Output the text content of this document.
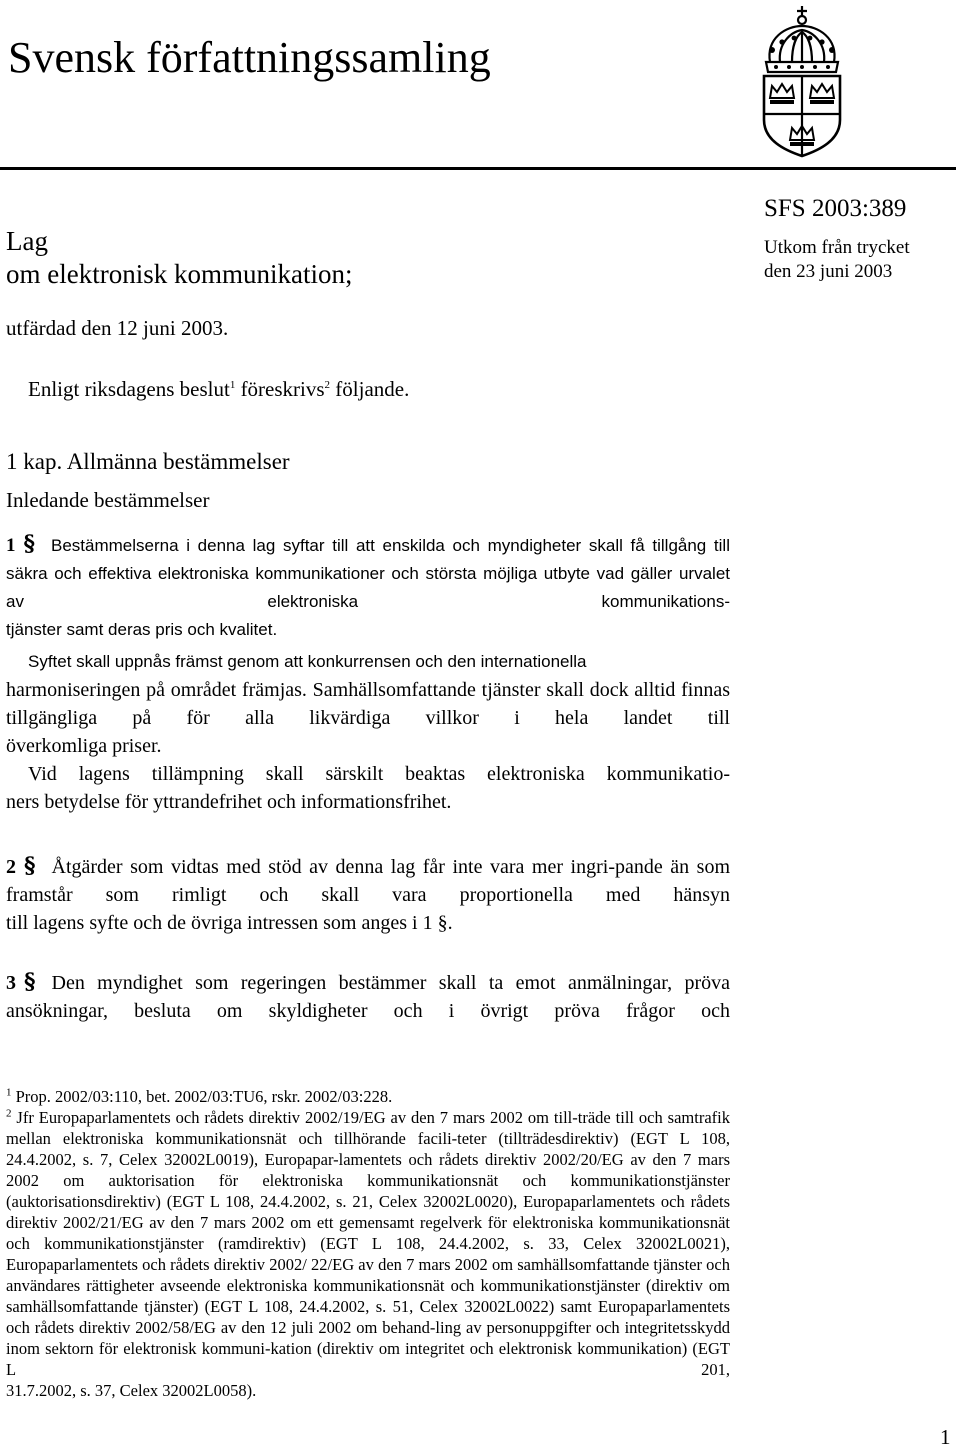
Svensk författningssamling
SFS 2003:389
Utkom från trycket
den 23 juni 2003
Lag
om elektronisk kommunikation;
utfärdad den 12 juni 2003.
Enligt riksdagens beslut$^1$ föreskrivs$^2$ följande.
1 kap. Allmänna bestämmelser
Inledande bestämmelser

1 § Bestämmelserna i denna lag syftar till att enskilda och myndigheter skall få tillgång till säkra och effektiva elektroniska kommunikationer och största möjliga utbyte vad gäller urvalet av elektroniska kommunikations-

tjänster samt deras pris och kvalitet.

Syftet skall uppnås främst genom att konkurrensen och den internationella

harmoniseringen på området främjas. Samhällsomfattande tjänster skall dock alltid finnas tillgängliga på för alla likvärdiga villkor i hela landet till

överkomliga priser.

Vid lagens tillämpning skall särskilt beaktas elektroniska kommunikatio-

ners betydelse för yttrandefrihet och informationsfrihet.

2 § Åtgärder som vidtas med stöd av denna lag får inte vara mer ingri-pande än som framstår som rimligt och skall vara proportionella med hänsyn

till lagens syfte och de övriga intressen som anges i 1 §.

3 § Den myndighet som regeringen bestämmer skall ta emot anmälningar, pröva ansökningar, besluta om skyldigheter och i övrigt pröva frågor och

$^1$ Prop. 2002/03:110, bet. 2002/03:TU6, rskr. 2002/03:228.

$^2$ Jfr Europaparlamentets och rådets direktiv 2002/19/EG av den 7 mars 2002 om till-träde till och samtrafik mellan elektroniska kommunikationsnät och tillhörande facili-teter (tillträdesdirektiv) (EGT L 108, 24.4.2002, s. 7, Celex 32002L0019), Europapar-lamentets och rådets direktiv 2002/20/EG av den 7 mars 2002 om auktorisation för elektroniska kommunikationsnät och kommunikationstjänster (auktorisationsdirektiv) (EGT L 108, 24.4.2002, s. 21, Celex 32002L0020), Europaparlamentets och rådets direktiv 2002/21/EG av den 7 mars 2002 om ett gemensamt regelverk för elektroniska kommunikationsnät och kommunikationstjänster (ramdirektiv) (EGT L 108, 24.4.2002, s. 33, Celex 32002L0021), Europaparlamentets och rådets direktiv 2002/ 22/EG av den 7 mars 2002 om samhällsomfattande tjänster och användares rättigheter avseende elektroniska kommunikationsnät och kommunikationstjänster (direktiv om samhällsomfattande tjänster) (EGT L 108, 24.4.2002, s. 51, Celex 32002L0022) samt Europaparlamentets och rådets direktiv 2002/58/EG av den 12 juli 2002 om behand-ling av personuppgifter och integritetsskydd inom sektorn för elektronisk kommuni-kation (direktiv om integritet och elektronisk kommunikation) (EGT L 201,

31.7.2002, s. 37, Celex 32002L0058).

1
